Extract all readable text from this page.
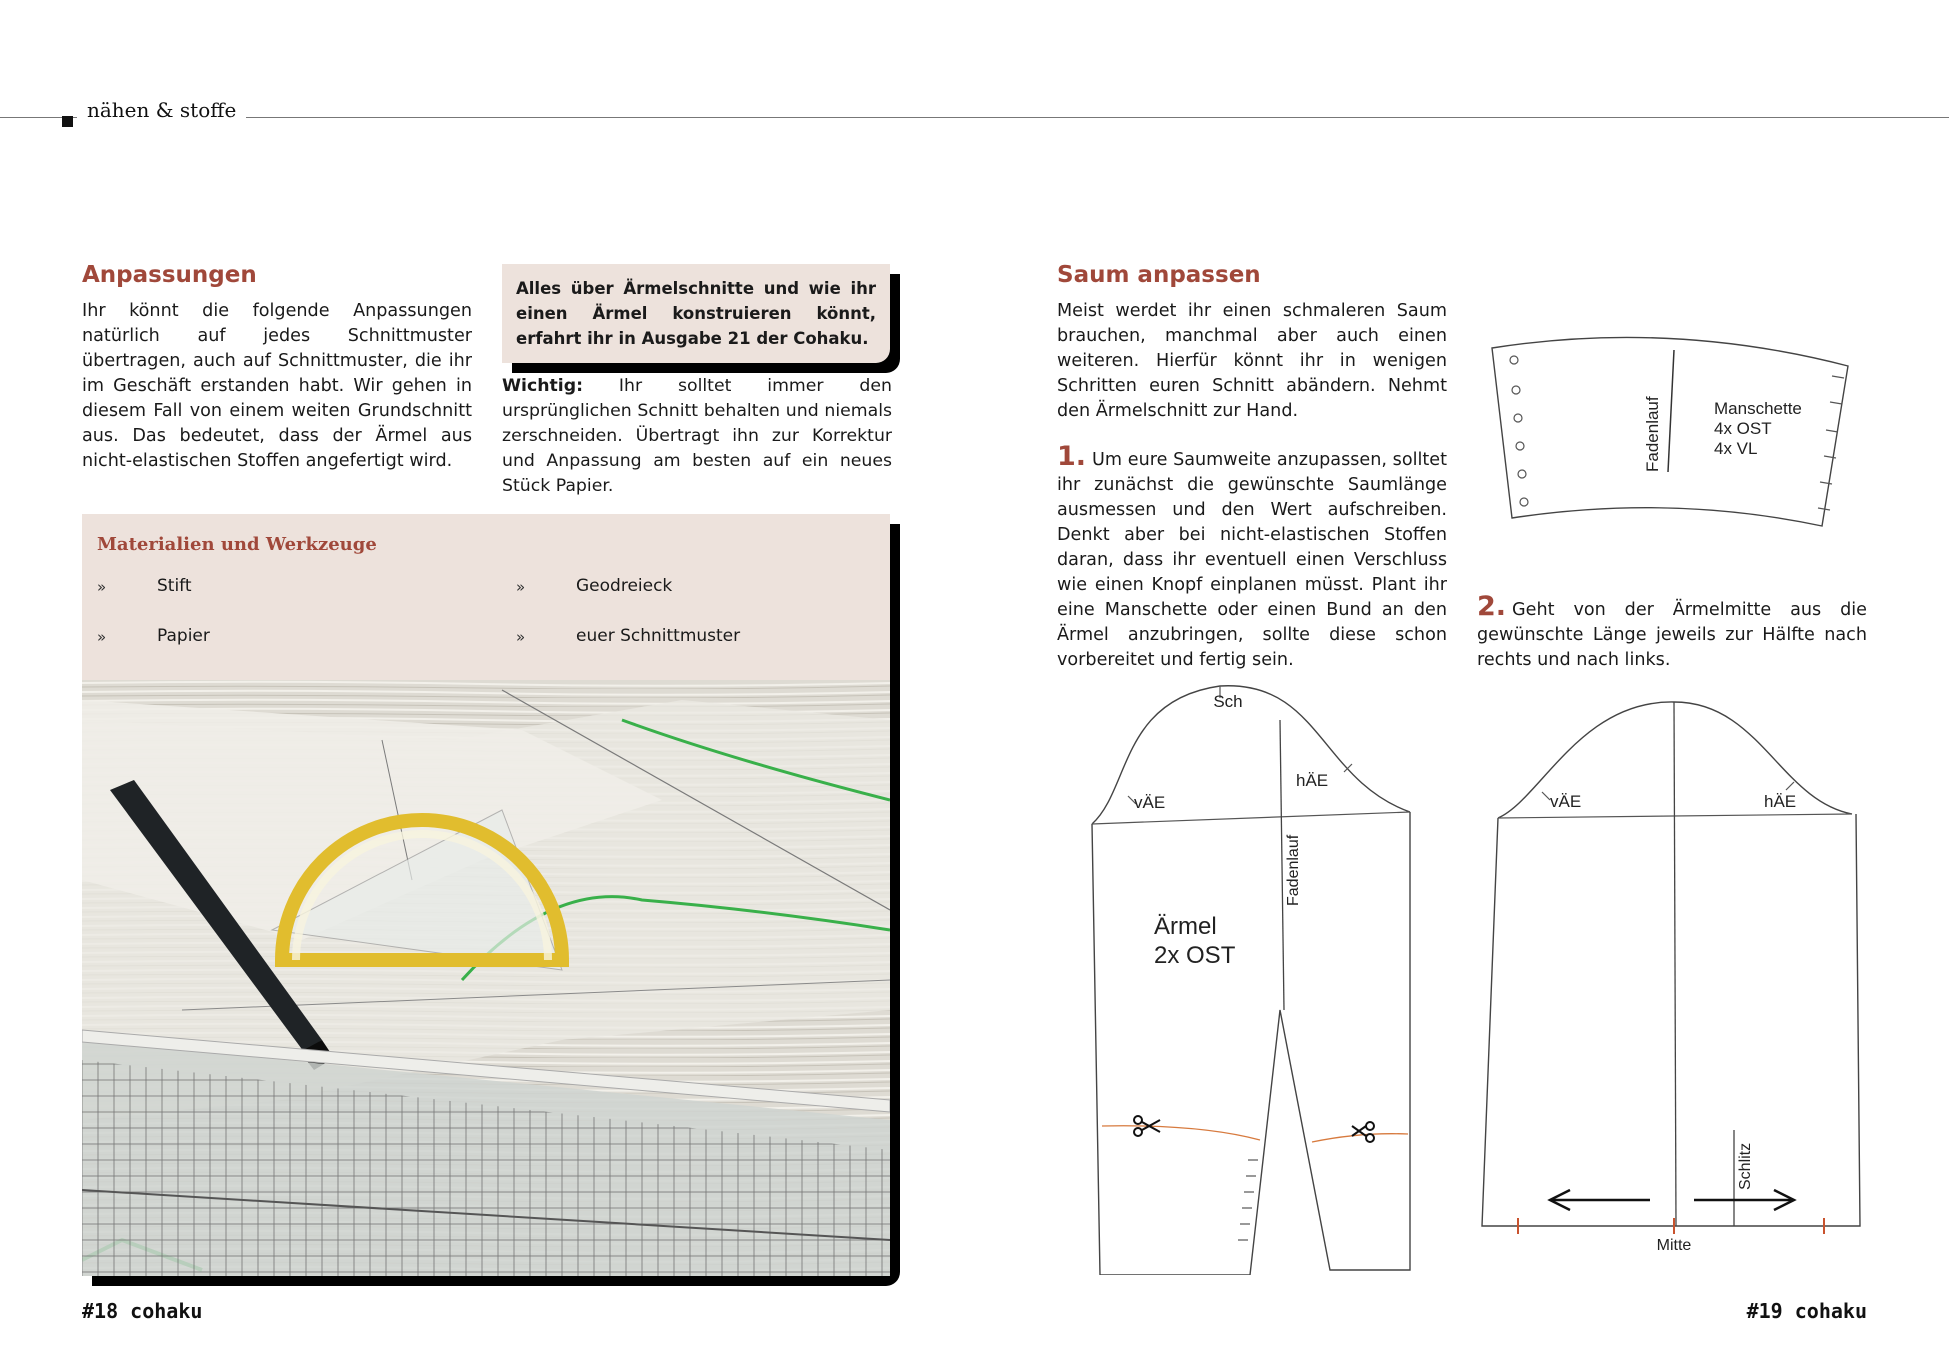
nähen & stoffe
Anpassungen

Ihr könnt die folgende Anpassungen natürlich auf jedes Schnittmuster übertragen, auch auf Schnittmuster, die ihr im Geschäft erstanden habt. Wir gehen in diesem Fall von einem weiten Grundschnitt aus. Das bedeutet, dass der Ärmel aus nicht-elastischen Stoffen angefertigt wird.

Alles über Ärmelschnitte und wie ihr einen Ärmel konstruieren könnt, erfahrt ihr in Ausgabe 21 der Cohaku.
Wichtig: Ihr solltet immer den ursprünglichen Schnitt behalten und niemals zerschneiden. Übertragt ihn zur Korrektur und Anpassung am besten auf ein neues Stück Papier.
Materialien und Werkzeuge
»	Stift	»	Geodreieck
»	Papier	»	euer Schnittmuster
Saum anpassen

Meist werdet ihr einen schmaleren Saum brauchen, manchmal aber auch einen weiteren. Hierfür könnt ihr in wenigen Schritten euren Schnitt abändern. Nehmt den Ärmelschnitt zur Hand.

1. Um eure Saumweite anzupassen, solltet ihr zunächst die gewünschte Saumlänge ausmessen und den Wert aufschreiben. Denkt aber bei nicht-elastischen Stoffen daran, dass ihr eventuell einen Verschluss wie einen Knopf einplanen müsst. Plant ihr eine Manschette oder einen Bund an den Ärmel anzubringen, sollte diese schon vorbereitet und fertig sein.

2. Geht von der Ärmelmitte aus die gewünschte Länge jeweils zur Hälfte nach rechts und nach links.

Fadenlauf	Manschette
4x OST
4x VL
Sch
vÄE
hÄE
Fadenlauf
Ärmel
2x OST
vÄE	hÄE
Schlitz
Mitte
#18 cohaku	#19 cohaku
